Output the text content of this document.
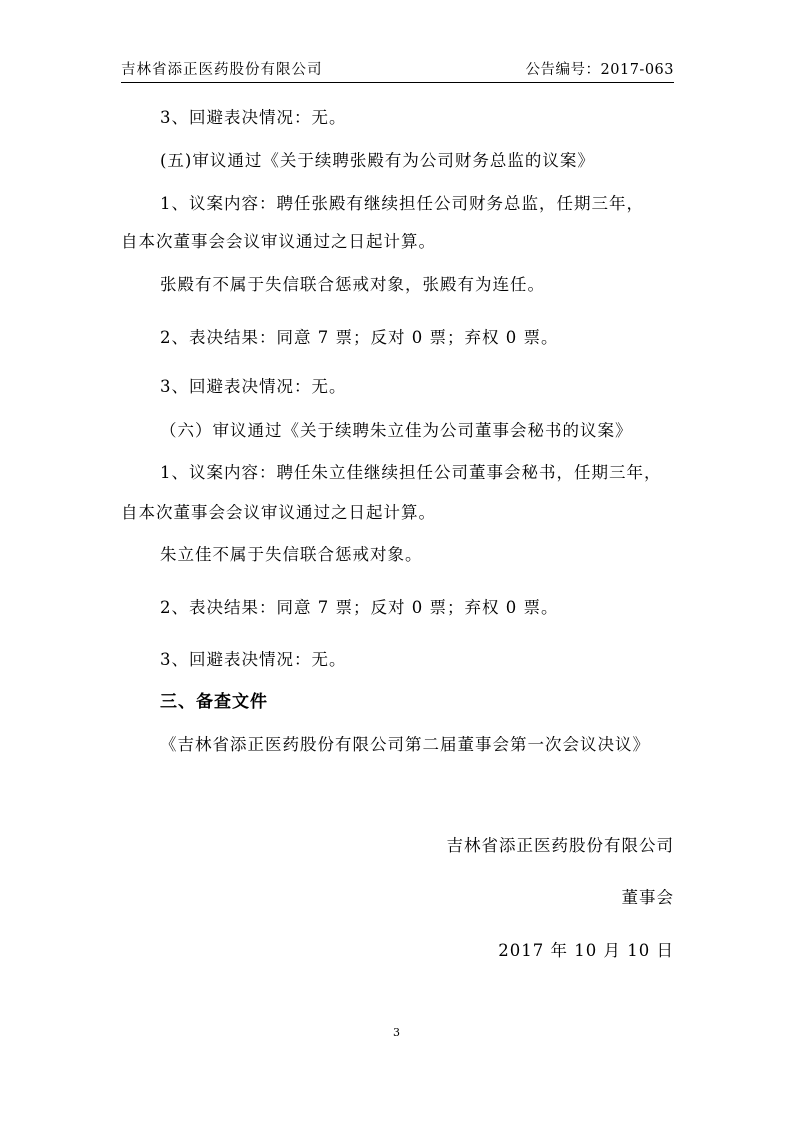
吉林省添正医药股份有限公司	公告编号：2017-063
3、回避表决情况：无。
(五)审议通过《关于续聘张殿有为公司财务总监的议案》
1、议案内容：聘任张殿有继续担任公司财务总监，任期三年，
自本次董事会会议审议通过之日起计算。
张殿有不属于失信联合惩戒对象，张殿有为连任。
2、表决结果：同意 7 票；反对 0 票；弃权 0 票。
3、回避表决情况：无。
（六）审议通过《关于续聘朱立佳为公司董事会秘书的议案》
1、议案内容：聘任朱立佳继续担任公司董事会秘书，任期三年，
自本次董事会会议审议通过之日起计算。
朱立佳不属于失信联合惩戒对象。
2、表决结果：同意 7 票；反对 0 票；弃权 0 票。
3、回避表决情况：无。
三、备查文件
《吉林省添正医药股份有限公司第二届董事会第一次会议决议》
吉林省添正医药股份有限公司
董事会
2017 年 10 月 10 日
3
